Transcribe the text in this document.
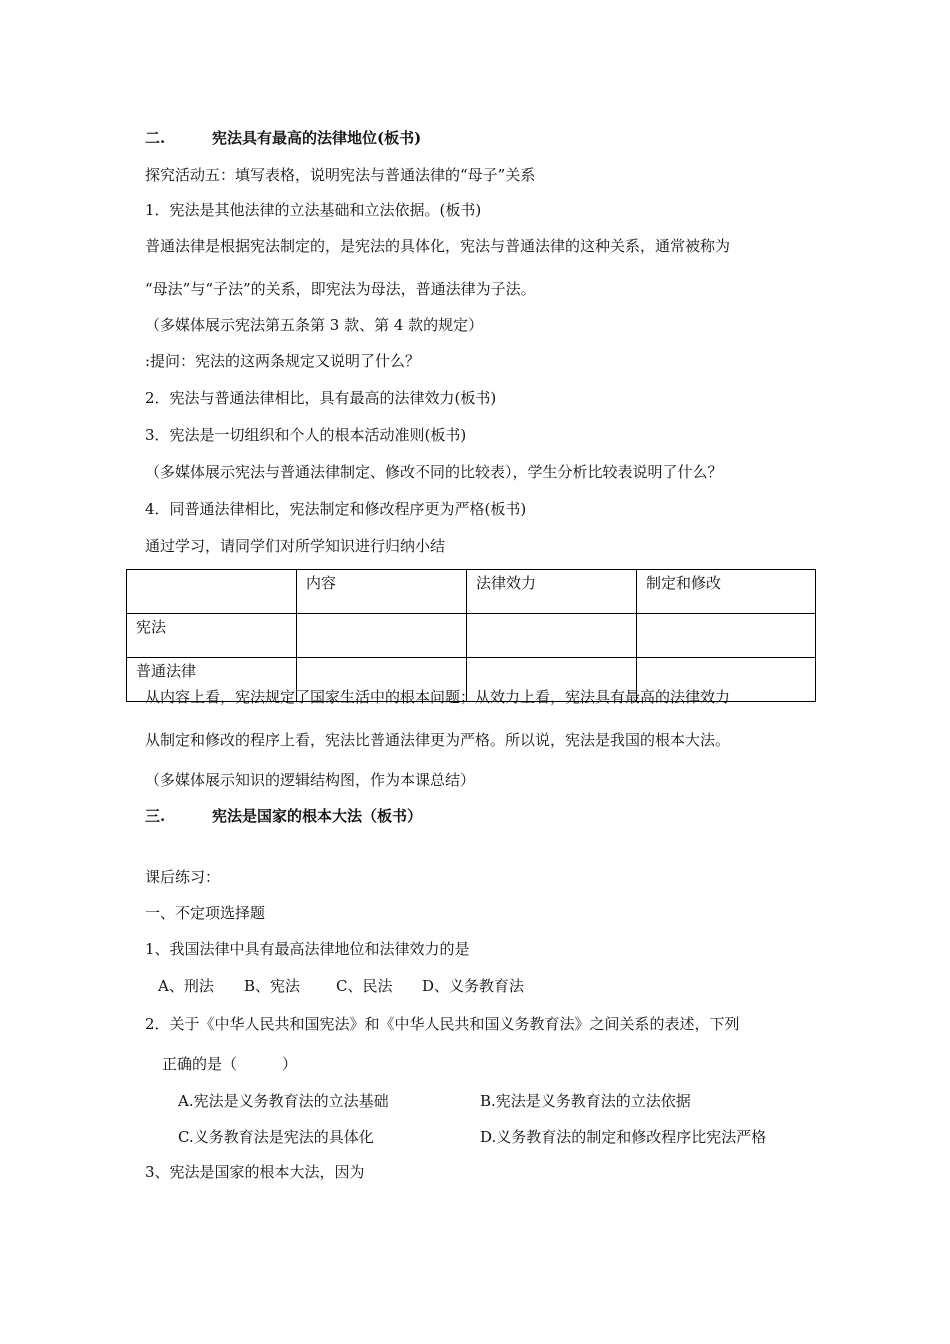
二.	宪法具有最高的法律地位(板书)
探究活动五：填写表格，说明宪法与普通法律的“母子”关系
1．宪法是其他法律的立法基础和立法依据。(板书)
普通法律是根据宪法制定的，是宪法的具体化，宪法与普通法律的这种关系，通常被称为
“母法”与“子法”的关系，即宪法为母法，普通法律为子法。
（多媒体展示宪法第五条第 3 款、第 4 款的规定）
:提问：宪法的这两条规定又说明了什么？
2．宪法与普通法律相比，具有最高的法律效力(板书)
3．宪法是一切组织和个人的根本活动准则(板书)
（多媒体展示宪法与普通法律制定、修改不同的比较表），学生分析比较表说明了什么？
4．同普通法律相比，宪法制定和修改程序更为严格(板书)
通过学习，请同学们对所学知识进行归纳小结
	内容	法律效力	制定和修改
宪法			
普通法律			
从内容上看，宪法规定了国家生活中的根本问题；从效力上看，宪法具有最高的法律效力
从制定和修改的程序上看，宪法比普通法律更为严格。所以说，宪法是我国的根本大法。
（多媒体展示知识的逻辑结构图，作为本课总结）
三.	宪法是国家的根本大法（板书）
课后练习：
一、不定项选择题
1、我国法律中具有最高法律地位和法律效力的是
A、刑法 B、宪法 C、民法 D、义务教育法
2．关于《中华人民共和国宪法》和《中华人民共和国义务教育法》之间关系的表述，下列
正确的是（　　　）
A.宪法是义务教育法的立法基础	B.宪法是义务教育法的立法依据
C.义务教育法是宪法的具体化	D.义务教育法的制定和修改程序比宪法严格
3、宪法是国家的根本大法，因为
